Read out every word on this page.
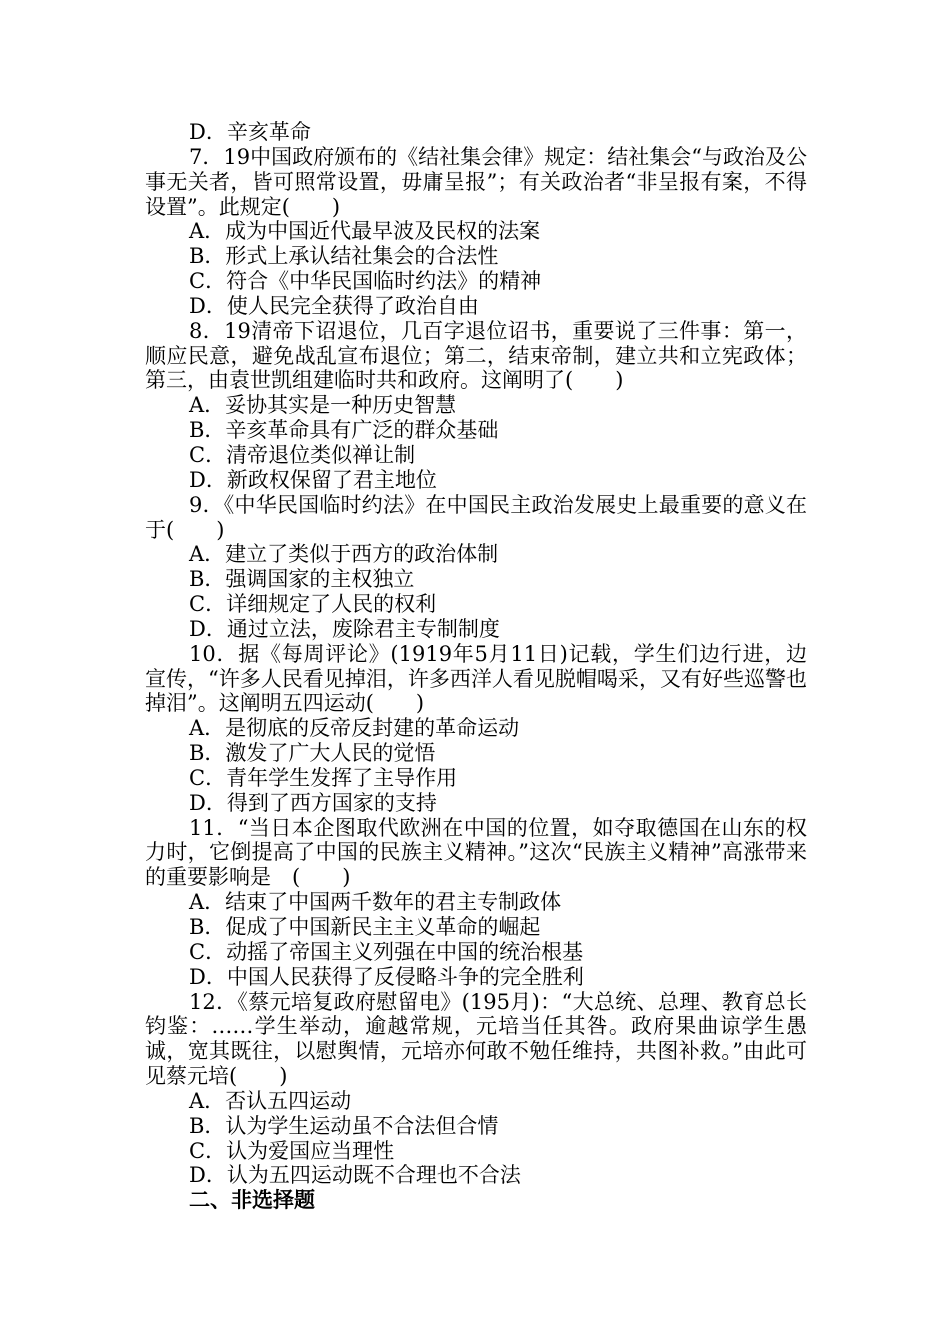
D．辛亥革命

7．19中国政府颁布的《结社集会律》规定：结社集会“与政治及公事无关者，皆可照常设置，毋庸呈报”；有关政治者“非呈报有案，不得设置”。此规定(　　)

A．成为中国近代最早波及民权的法案

B．形式上承认结社集会的合法性

C．符合《中华民国临时约法》的精神

D．使人民完全获得了政治自由

8．19清帝下诏退位，几百字退位诏书，重要说了三件事：第一，顺应民意，避免战乱宣布退位；第二，结束帝制，建立共和立宪政体；第三，由袁世凯组建临时共和政府。这阐明了(　　)

A．妥协其实是一种历史智慧

B．辛亥革命具有广泛的群众基础

C．清帝退位类似禅让制

D．新政权保留了君主地位

9．《中华民国临时约法》在中国民主政治发展史上最重要的意义在于(　　)

A．建立了类似于西方的政治体制

B．强调国家的主权独立

C．详细规定了人民的权利

D．通过立法，废除君主专制制度

10．据《每周评论》(1919年5月11日)记载，学生们边行进，边宣传，“许多人民看见掉泪，许多西洋人看见脱帽喝采，又有好些巡警也掉泪”。这阐明五四运动(　　)

A．是彻底的反帝反封建的革命运动

B．激发了广大人民的觉悟

C．青年学生发挥了主导作用

D．得到了西方国家的支持

11．“当日本企图取代欧洲在中国的位置，如夺取德国在山东的权力时，它倒提高了中国的民族主义精神。”这次“民族主义精神”高涨带来的重要影响是　(　　)

A．结束了中国两千数年的君主专制政体

B．促成了中国新民主主义革命的崛起

C．动摇了帝国主义列强在中国的统治根基

D．中国人民获得了反侵略斗争的完全胜利

12．《蔡元培复政府慰留电》(195月)：“大总统、总理、教育总长钧鉴：……学生举动，逾越常规，元培当任其咎。政府果曲谅学生愚诚，宽其既往，以慰舆情，元培亦何敢不勉任维持，共图补救。”由此可见蔡元培(　　)

A．否认五四运动

B．认为学生运动虽不合法但合情

C．认为爱国应当理性

D．认为五四运动既不合理也不合法

二、非选择题
